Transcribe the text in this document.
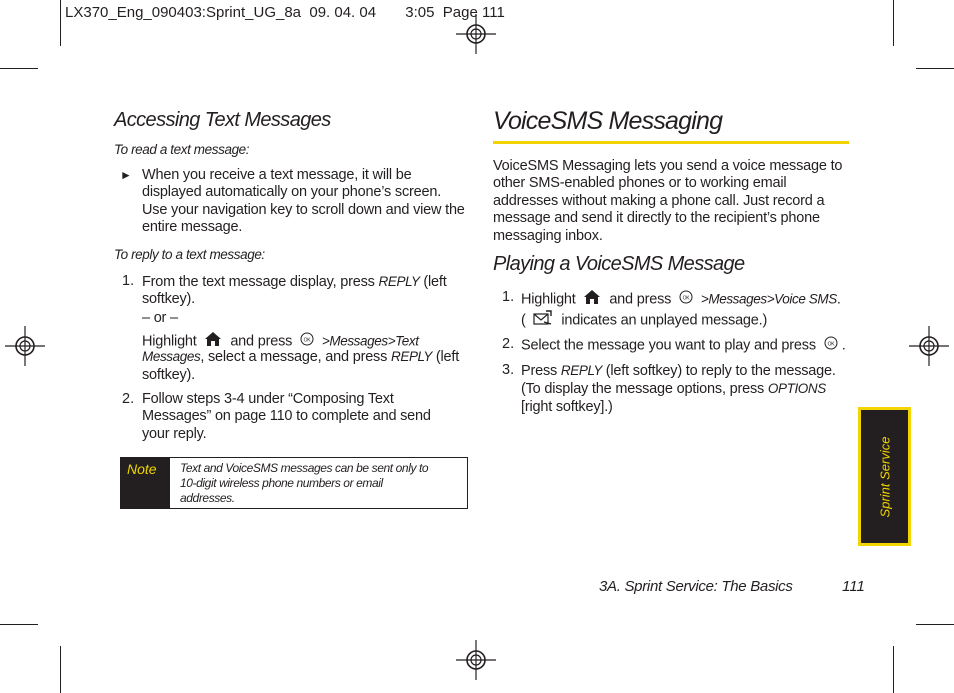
LX370_Eng_090403:Sprint_UG_8a  09. 04. 04       3:05  Page 111
Accessing Text Messages
To read a text message:
► When you receive a text message, it will be
displayed automatically on your phone’s screen.
Use your navigation key to scroll down and view the
entire message.
To reply to a text message:
1. From the text message display, press REPLY (left
softkey).
– or –
Highlight and press OK >Messages>Text
Messages, select a message, and press REPLY (left
softkey).
2. Follow steps 3-4 under “Composing Text
Messages” on page 110 to complete and send
your reply.
Note	Text and VoiceSMS messages can be sent only to
10-digit wireless phone numbers or email
addresses.
VoiceSMS Messaging
VoiceSMS Messaging lets you send a voice message to
other SMS-enabled phones or to working email
addresses without making a phone call. Just record a
message and send it directly to the recipient’s phone
messaging inbox.
Playing a VoiceSMS Message
1. Highlight and press OK >Messages>Voice SMS.
( indicates an unplayed message.)
2. Select the message you want to play and press OK .
3. Press REPLY (left softkey) to reply to the message.
(To display the message options, press OPTIONS
[right softkey].)
Sprint Service
3A. Sprint Service: The Basics	111
